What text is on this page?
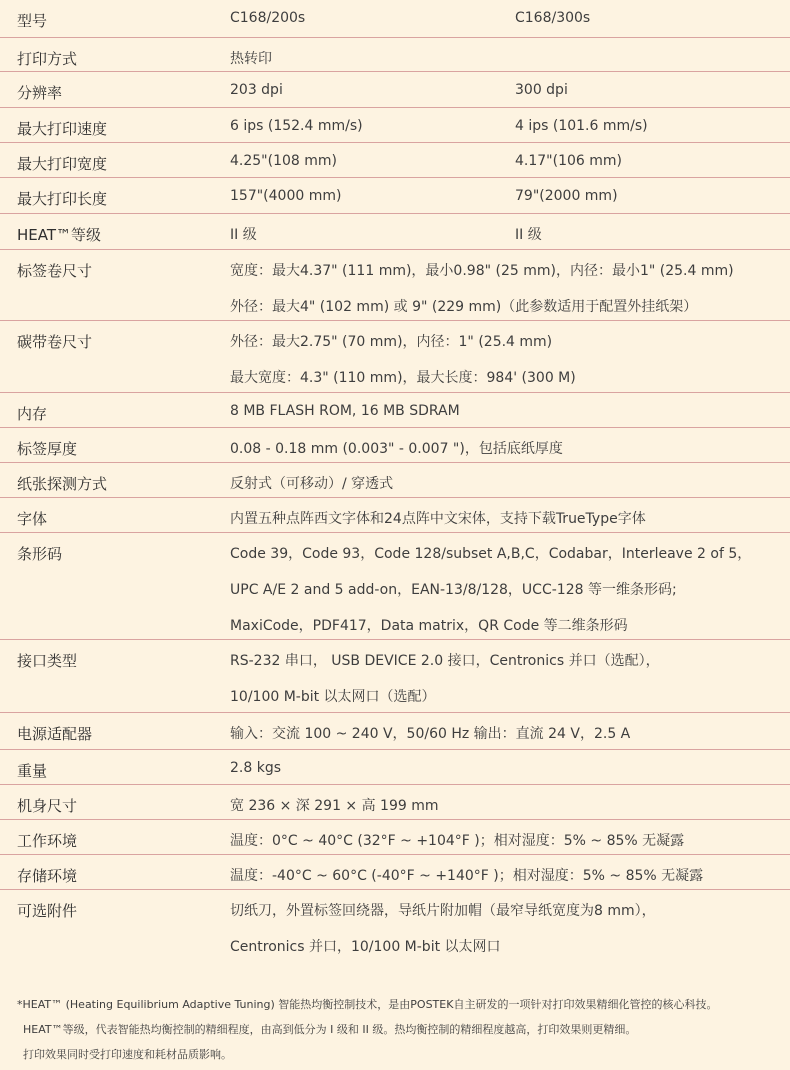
型号	C168/200s	C168/300s
打印方式	热转印
分辨率	203 dpi	300 dpi
最大打印速度	6 ips (152.4 mm/s)	4 ips (101.6 mm/s)
最大打印宽度	4.25"(108 mm)	4.17"(106 mm)
最大打印长度	157"(4000 mm)	79"(2000 mm)
HEAT™等级	II 级	II 级
标签卷尺寸	宽度：最大4.37" (111 mm)，最小0.98" (25 mm)，内径：最小1" (25.4 mm)
外径：最大4" (102 mm) 或 9" (229 mm)（此参数适用于配置外挂纸架）
碳带卷尺寸	外径：最大2.75" (70 mm)，内径：1" (25.4 mm)
最大宽度：4.3" (110 mm)，最大长度：984' (300 M)
内存	8 MB FLASH ROM, 16 MB SDRAM
标签厚度	0.08 - 0.18 mm (0.003" - 0.007 ")，包括底纸厚度
纸张探测方式	反射式（可移动）/ 穿透式
字体	内置五种点阵西文字体和24点阵中文宋体，支持下载TrueType字体
条形码	Code 39，Code 93，Code 128/subset A,B,C，Codabar，Interleave 2 of 5，
UPC A/E 2 and 5 add-on，EAN-13/8/128，UCC-128 等一维条形码;
MaxiCode，PDF417，Data matrix，QR Code 等二维条形码
接口类型	RS-232 串口， USB DEVICE 2.0 接口，Centronics 并口（选配），
10/100 M-bit 以太网口（选配）
电源适配器	输入：交流 100 ~ 240 V，50/60 Hz 输出：直流 24 V，2.5 A
重量	2.8 kgs
机身尺寸	宽 236 × 深 291 × 高 199 mm
工作环境	温度：0°C ~ 40°C (32°F ~ +104°F )；相对湿度：5% ~ 85% 无凝露
存储环境	温度：-40°C ~ 60°C (-40°F ~ +140°F )；相对湿度：5% ~ 85% 无凝露
可选附件	切纸刀，外置标签回绕器，导纸片附加帽（最窄导纸宽度为8 mm），
Centronics 并口，10/100 M-bit 以太网口
*HEAT™ (Heating Equilibrium Adaptive Tuning) 智能热均衡控制技术，是由POSTEK自主研发的一项针对打印效果精细化管控的核心科技。
HEAT™等级，代表智能热均衡控制的精细程度，由高到低分为 I 级和 II 级。热均衡控制的精细程度越高，打印效果则更精细。
打印效果同时受打印速度和耗材品质影响。
